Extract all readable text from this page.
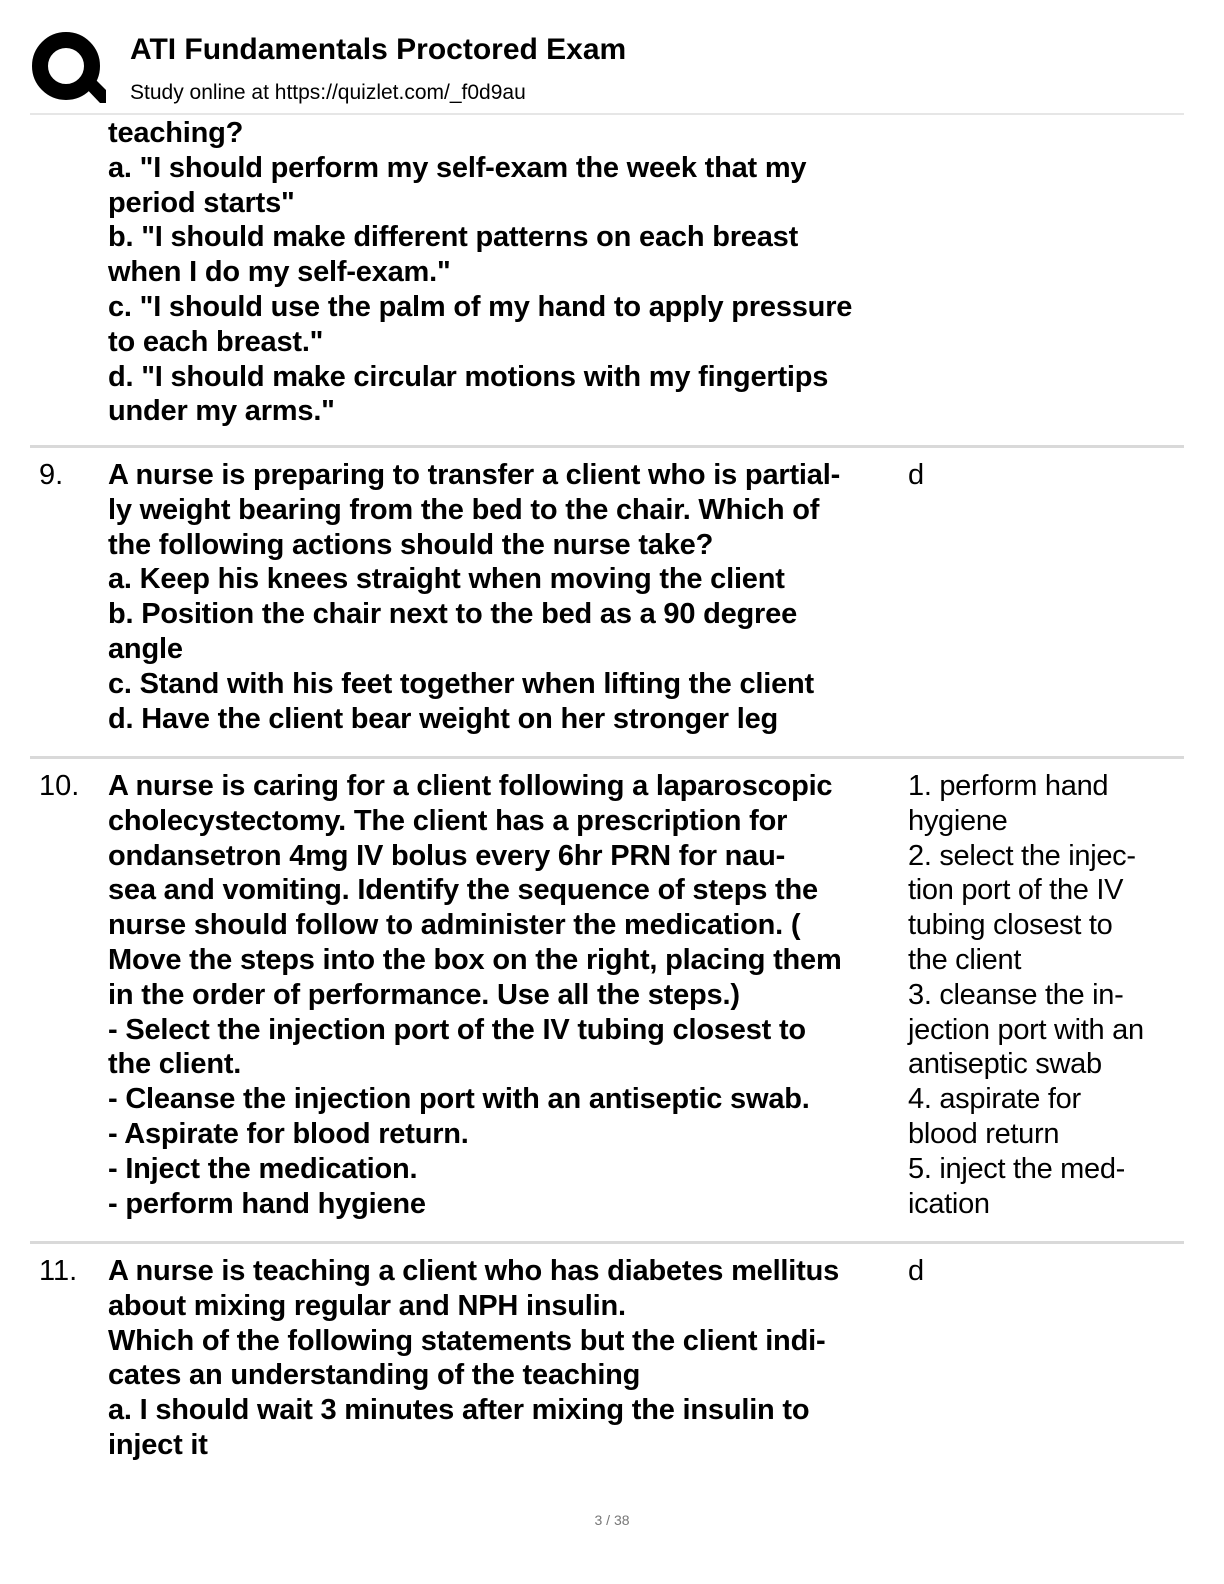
ATI Fundamentals Proctored Exam
Study online at https://quizlet.com/_f0d9au
teaching?
a. "I should perform my self-exam the week that my
period starts"
b. "I should make different patterns on each breast
when I do my self-exam."
c. "I should use the palm of my hand to apply pressure
to each breast."
d. "I should make circular motions with my fingertips
under my arms."
9.	A nurse is preparing to transfer a client who is partial-
ly weight bearing from the bed to the chair. Which of
the following actions should the nurse take?
a. Keep his knees straight when moving the client
b. Position the chair next to the bed as a 90 degree
angle
c. Stand with his feet together when lifting the client
d. Have the client bear weight on her stronger leg
d
10. A nurse is caring for a client following a laparoscopic
cholecystectomy. The client has a prescription for
ondansetron 4mg IV bolus every 6hr PRN for nau-
sea and vomiting. Identify the sequence of steps the
nurse should follow to administer the medication. (
Move the steps into the box on the right, placing them
in the order of performance. Use all the steps.)
- Select the injection port of the IV tubing closest to
the client.
- Cleanse the injection port with an antiseptic swab.
- Aspirate for blood return.
- Inject the medication.
- perform hand hygiene
1. perform hand
hygiene
2. select the injec-
tion port of the IV
tubing closest to
the client
3. cleanse the in-
jection port with an
antiseptic swab
4. aspirate for
blood return
5. inject the med-
ication
11.	A nurse is teaching a client who has diabetes mellitus
about mixing regular and NPH insulin.
Which of the following statements but the client indi-
cates an understanding of the teaching
a. I should wait 3 minutes after mixing the insulin to
inject it
d
3 / 38
